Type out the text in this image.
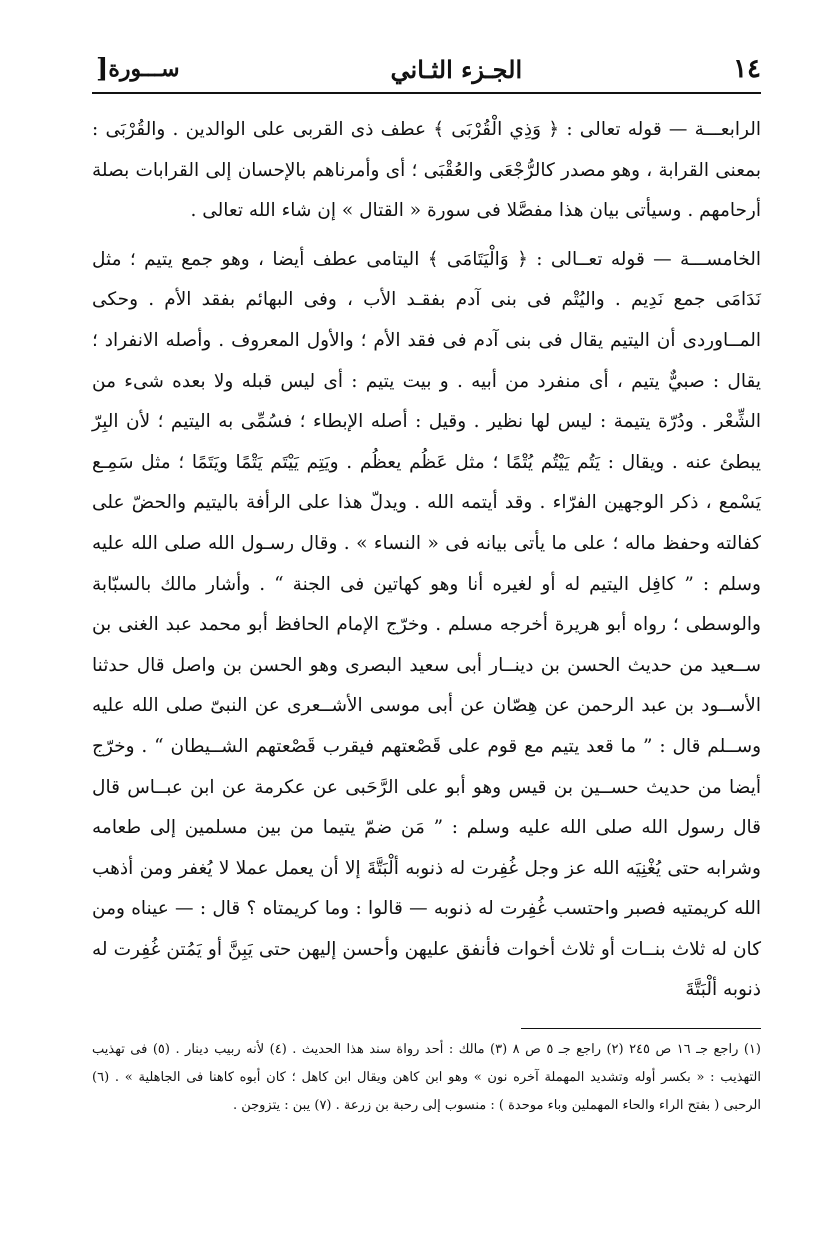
١٤
الجـزء الثـاني
ســـورة
[

الرابعـــة — قوله تعالى : ﴿ وَذِي الْقُرْبَى ﴾ عطف ذى القربى على الوالدين . والقُرْبَى : بمعنى القرابة ، وهو مصدر كالرُّجْعَى والعُقْبَى ؛ أى وأمرناهم بالإحسان إلى القرابات بصلة أرحامهم . وسيأتى بيان هذا مفصَّلا فى سورة « القتال » إن شاء الله تعالى .

الخامســـة — قوله تعــالى : ﴿ وَالْيَتَامَى ﴾ اليتامى عطف أيضا ، وهو جمع يتيم ؛ مثل نَدَامَى جمع نَدِيم . واليُتْم فى بنى آدم بفقـد الأب ، وفى البهائم بفقد الأم . وحكى المــاوردى أن اليتيم يقال فى بنى آدم فى فقد الأم ؛ والأول المعروف . وأصله الانفراد ؛ يقال : صبيٌّ يتيم ، أى منفرد من أبيه . و بيت يتيم : أى ليس قبله ولا بعده شىء من الشِّعْر . ودُرّة يتيمة : ليس لها نظير . وقيل : أصله الإبطاء ؛ فسُمِّى به اليتيم ؛ لأن البِرّ يبطئ عنه . ويقال : يَتُم يَيْتُم يُتْمًا ؛ مثل عَظُم يعظُم . ويَتِم يَيْتَم يَتْمًا ويَتَمًا ؛ مثل سَمِـع يَسْمع ، ذكر الوجهين الفرّاء . وقد أيتمه الله . ويدلّ هذا على الرأفة باليتيم والحضّ على كفالته وحفظ ماله ؛ على ما يأتى بيانه فى « النساء » . وقال رسـول الله صلى الله عليه وسلم : ” كافِل اليتيم له أو لغيره أنا وهو كهاتين فى الجنة “ . وأشار مالك بالسبّابة والوسطى ؛ رواه أبو هريرة أخرجه مسلم . وخرّج الإمام الحافظ أبو محمد عبد الغنى بن ســعيد من حديث الحسن بن دينــار أبى سعيد البصرى وهو الحسن بن واصل قال حدثنا الأســود بن عبد الرحمن عن هِصّان عن أبى موسى الأشــعرى عن النبىّ صلى الله عليه وســلم قال : ” ما قعد يتيم مع قوم على قَصْعتهم فيقرب قَصْعتهم الشــيطان “ . وخرّج أيضا من حديث حســين بن قيس وهو أبو على الرَّحَبى عن عكرمة عن ابن عبــاس قال قال رسول الله صلى الله عليه وسلم : ” مَن ضمّ يتيما من بين مسلمين إلى طعامه وشرابه حتى يُغْنِيَه الله عز وجل غُفِرت له ذنوبه ألْبَتَّةَ إلا أن يعمل عملا لا يُغفر ومن أذهب الله كريمتيه فصبر واحتسب غُفِرت له ذنوبه — قالوا : وما كريمتاه ؟ قال : — عيناه ومن كان له ثلاث بنــات أو ثلاث أخوات فأنفق عليهن وأحسن إليهن حتى يَبِنَّ أو يَمُتن غُفِرت له ذنوبه ألْبَتَّةَ

(١) راجع جـ ١٦ ص ٢٤٥ (٢) راجع جـ ٥ ص ٨ (٣) مالك : أحد رواة سند هذا الحديث . (٤) لأنه ربيب دينار . (٥) فى تهذيب التهذيب : « بكسر أوله وتشديد المهملة آخره نون » وهو ابن كاهن ويقال ابن كاهل ؛ كان أبوه كاهنا فى الجاهلية » . (٦) الرحبى ( بفتح الراء والحاء المهملين وباء موحدة ) : منسوب إلى رحبة بن زرعة . (٧) يبن : يتزوجن .
